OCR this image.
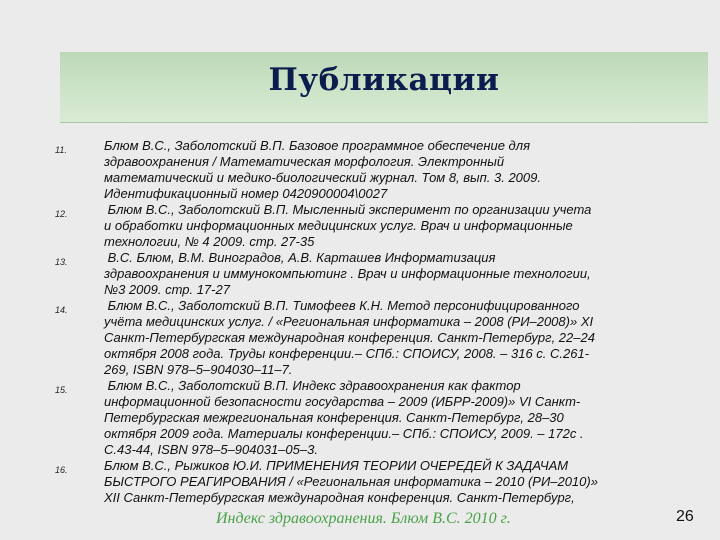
Публикации
11.	Блюм В.С., Заболотский В.П. Базовое программное обеспечение для
здравоохранения / Математическая морфология. Электронный
математический и медико-биологический журнал. Том 8, вып. 3. 2009.
Идентификационный номер 0420900004\0027
12.	Блюм В.С., Заболотский В.П. Мысленный эксперимент по организации учета
и обработки информационных медицинских услуг. Врач и информационные
технологии, № 4 2009. стр. 27-35
13.	В.С. Блюм, В.М. Виноградов, А.В. Карташев Информатизация
здравоохранения и иммунокомпьютинг . Врач и информационные технологии,
№3 2009. стр. 17-27
14.	Блюм В.С., Заболотский В.П. Тимофеев К.Н. Метод персонифицированного
учёта медицинских услуг. / «Региональная информатика – 2008 (РИ–2008)» XI
Санкт-Петербургская международная конференция. Санкт-Петербург, 22–24
октября 2008 года. Труды конференции.– СПб.: СПОИСУ, 2008. – 316 с. С.261-
269, ISBN 978–5–904030–11–7.
15.	Блюм В.С., Заболотский В.П. Индекс здравоохранения как фактор
информационной безопасности государства – 2009 (ИБРР-2009)» VI Санкт-
Петербургская межрегиональная конференция. Санкт-Петербург, 28–30
октября 2009 года. Материалы конференции.– СПб.: СПОИСУ, 2009. – 172с .
С.43-44, ISBN 978–5–904031–05–3.
16.	Блюм В.С., Рыжиков Ю.И. ПРИМЕНЕНИЯ ТЕОРИИ ОЧЕРЕДЕЙ К ЗАДАЧАМ
БЫСТРОГО РЕАГИРОВАНИЯ / «Региональная информатика – 2010 (РИ–2010)»
XII Санкт-Петербургская международная конференция. Санкт-Петербург,
Индекс здравоохранения. Блюм В.С. 2010 г.	26
